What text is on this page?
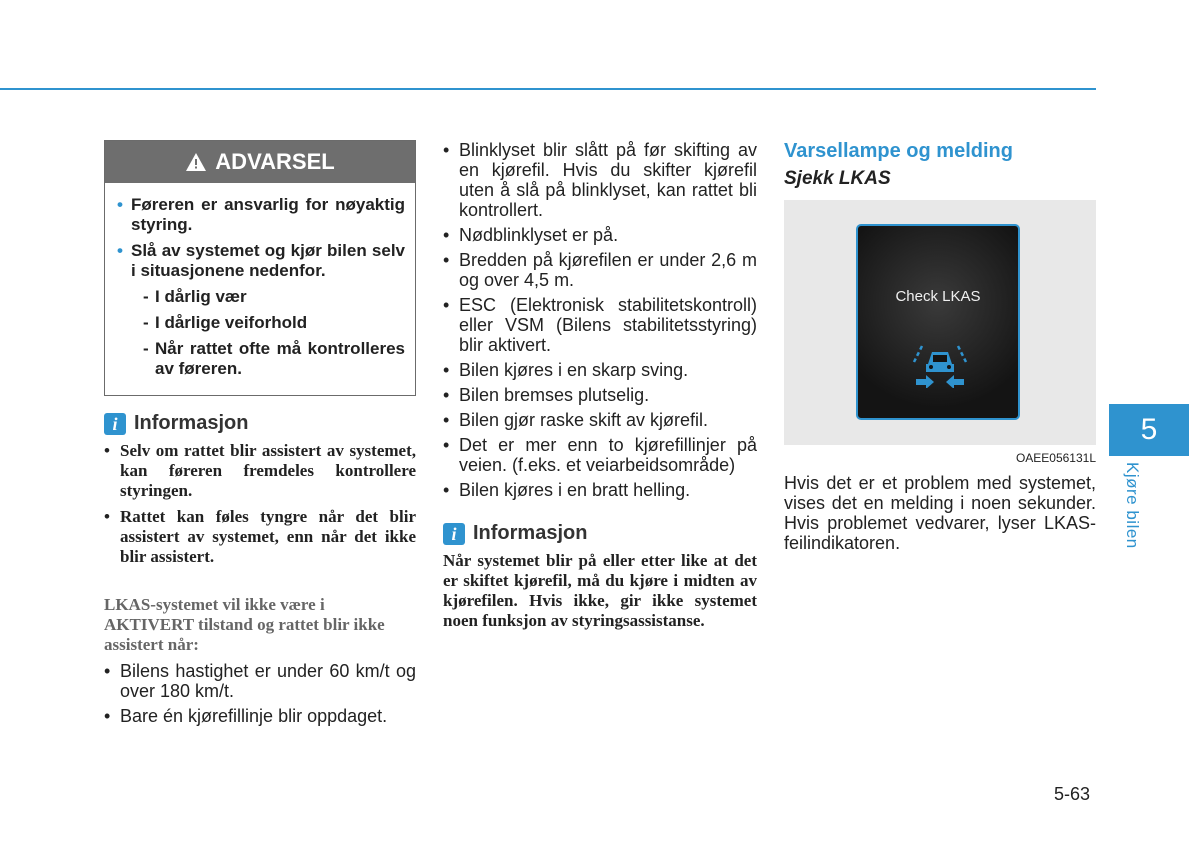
ADVARSEL
• Føreren er ansvarlig for nøyaktig styring.
• Slå av systemet og kjør bilen selv i situasjonene nedenfor.
- I dårlig vær
- I dårlige veiforhold
- Når rattet ofte må kontrolleres av føreren.
i Informasjon
• Selv om rattet blir assistert av systemet, kan føreren fremdeles kontrollere styringen.
• Rattet kan føles tyngre når det blir assistert av systemet, enn når det ikke blir assistert.
LKAS-systemet vil ikke være i AKTIVERT tilstand og rattet blir ikke assistert når:
• Bilens hastighet er under 60 km/t og over 180 km/t.
• Bare én kjørefillinje blir oppdaget.
• Blinklyset blir slått på før skifting av en kjørefil. Hvis du skifter kjørefil uten å slå på blinklyset, kan rattet bli kontrollert.
• Nødblinklyset er på.
• Bredden på kjørefilen er under 2,6 m og over 4,5 m.
• ESC (Elektronisk stabilitetskontroll) eller VSM (Bilens stabilitetsstyring) blir aktivert.
• Bilen kjøres i en skarp sving.
• Bilen bremses plutselig.
• Bilen gjør raske skift av kjørefil.
• Det er mer enn to kjørefillinjer på veien. (f.eks. et veiarbeidsområde)
• Bilen kjøres i en bratt helling.
i Informasjon
Når systemet blir på eller etter like at det er skiftet kjørefil, må du kjøre i midten av kjørefilen. Hvis ikke, gir ikke systemet noen funksjon av styringsassistanse.
Varsellampe og melding
Sjekk LKAS
Check LKAS
OAEE056131L
Hvis det er et problem med systemet, vises det en melding i noen sekunder. Hvis problemet vedvarer, lyser LKAS-feilindikatoren.
5
Kjøre bilen
5-63
